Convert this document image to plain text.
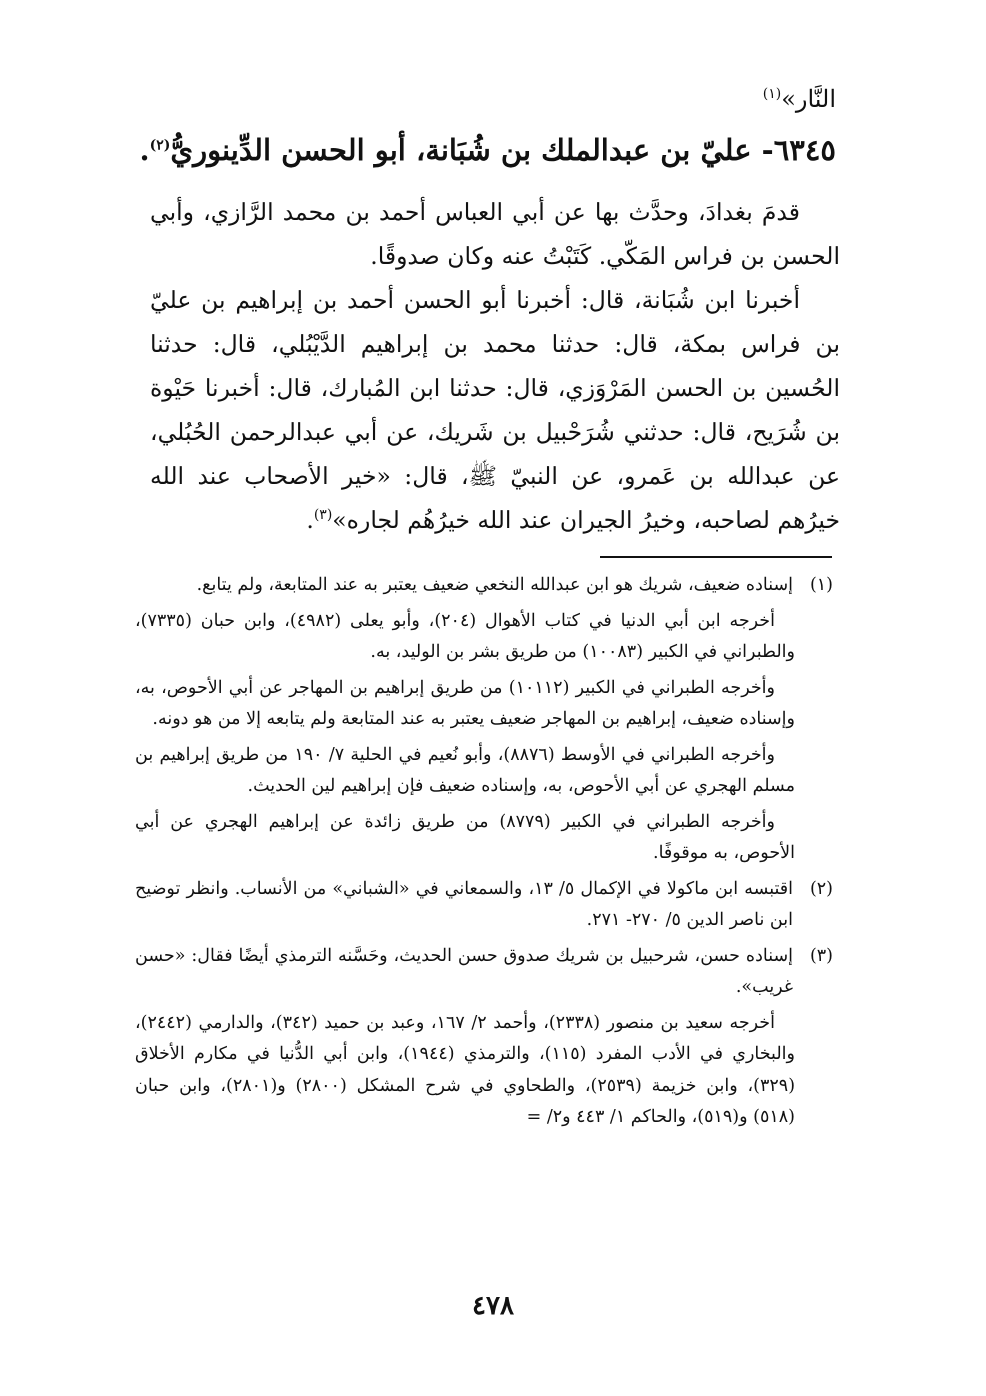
النَّار»$^{(١)}$
٦٣٤٥- عليّ بن عبدالملك بن شُبَانة، أبو الحسن الدِّينوريُّ$^{(٢)}$.
قدمَ بغدادَ، وحدَّث بها عن أبي العباس أحمد بن محمد الرَّازي، وأبي الحسن بن فراس المَكّي. كَتَبْتُ عنه وكان صدوقًا.
أخبرنا ابن شُبَانة، قال: أخبرنا أبو الحسن أحمد بن إبراهيم بن عليّ بن فراس بمكة، قال: حدثنا محمد بن إبراهيم الدَّيْبُلي، قال: حدثنا الحُسين بن الحسن المَرْوَزي، قال: حدثنا ابن المُبارك، قال: أخبرنا حَيْوة بن شُرَيح، قال: حدثني شُرَحْبيل بن شَريك، عن أبي عبدالرحمن الحُبُلي، عن عبدالله بن عَمرو، عن النبيّ ﷺ، قال: «خير الأصحاب عند الله خيرُهم لصاحبه، وخيرُ الجيران عند الله خيرُهُم لجاره»$^{(٣)}$.
(١)
إسناده ضعيف، شريك هو ابن عبدالله النخعي ضعيف يعتبر به عند المتابعة، ولم يتابع.
أخرجه ابن أبي الدنيا في كتاب الأهوال (٢٠٤)، وأبو يعلى (٤٩٨٢)، وابن حبان (٧٣٣٥)، والطبراني في الكبير (١٠٠٨٣) من طريق بشر بن الوليد، به.
وأخرجه الطبراني في الكبير (١٠١١٢) من طريق إبراهيم بن المهاجر عن أبي الأحوص، به، وإسناده ضعيف، إبراهيم بن المهاجر ضعيف يعتبر به عند المتابعة ولم يتابعه إلا من هو دونه.
وأخرجه الطبراني في الأوسط (٨٨٧٦)، وأبو نُعيم في الحلية ٧/ ١٩٠ من طريق إبراهيم بن مسلم الهجري عن أبي الأحوص، به، وإسناده ضعيف فإن إبراهيم لين الحديث.
وأخرجه الطبراني في الكبير (٨٧٧٩) من طريق زائدة عن إبراهيم الهجري عن أبي الأحوص، به موقوفًا.
(٢)
اقتبسه ابن ماكولا في الإكمال ٥/ ١٣، والسمعاني في «الشباني» من الأنساب. وانظر توضيح ابن ناصر الدين ٥/ ٢٧٠- ٢٧١.
(٣)
إسناده حسن، شرحبيل بن شريك صدوق حسن الحديث، وحَسَّنه الترمذي أيضًا فقال: «حسن غريب».
أخرجه سعيد بن منصور (٢٣٣٨)، وأحمد ٢/ ١٦٧، وعبد بن حميد (٣٤٢)، والدارمي (٢٤٤٢)، والبخاري في الأدب المفرد (١١٥)، والترمذي (١٩٤٤)، وابن أبي الدُّنيا في مكارم الأخلاق (٣٢٩)، وابن خزيمة (٢٥٣٩)، والطحاوي في شرح المشكل (٢٨٠٠) و(٢٨٠١)، وابن حبان (٥١٨) و(٥١٩)، والحاكم ١/ ٤٤٣ و٢/ =
٤٧٨
